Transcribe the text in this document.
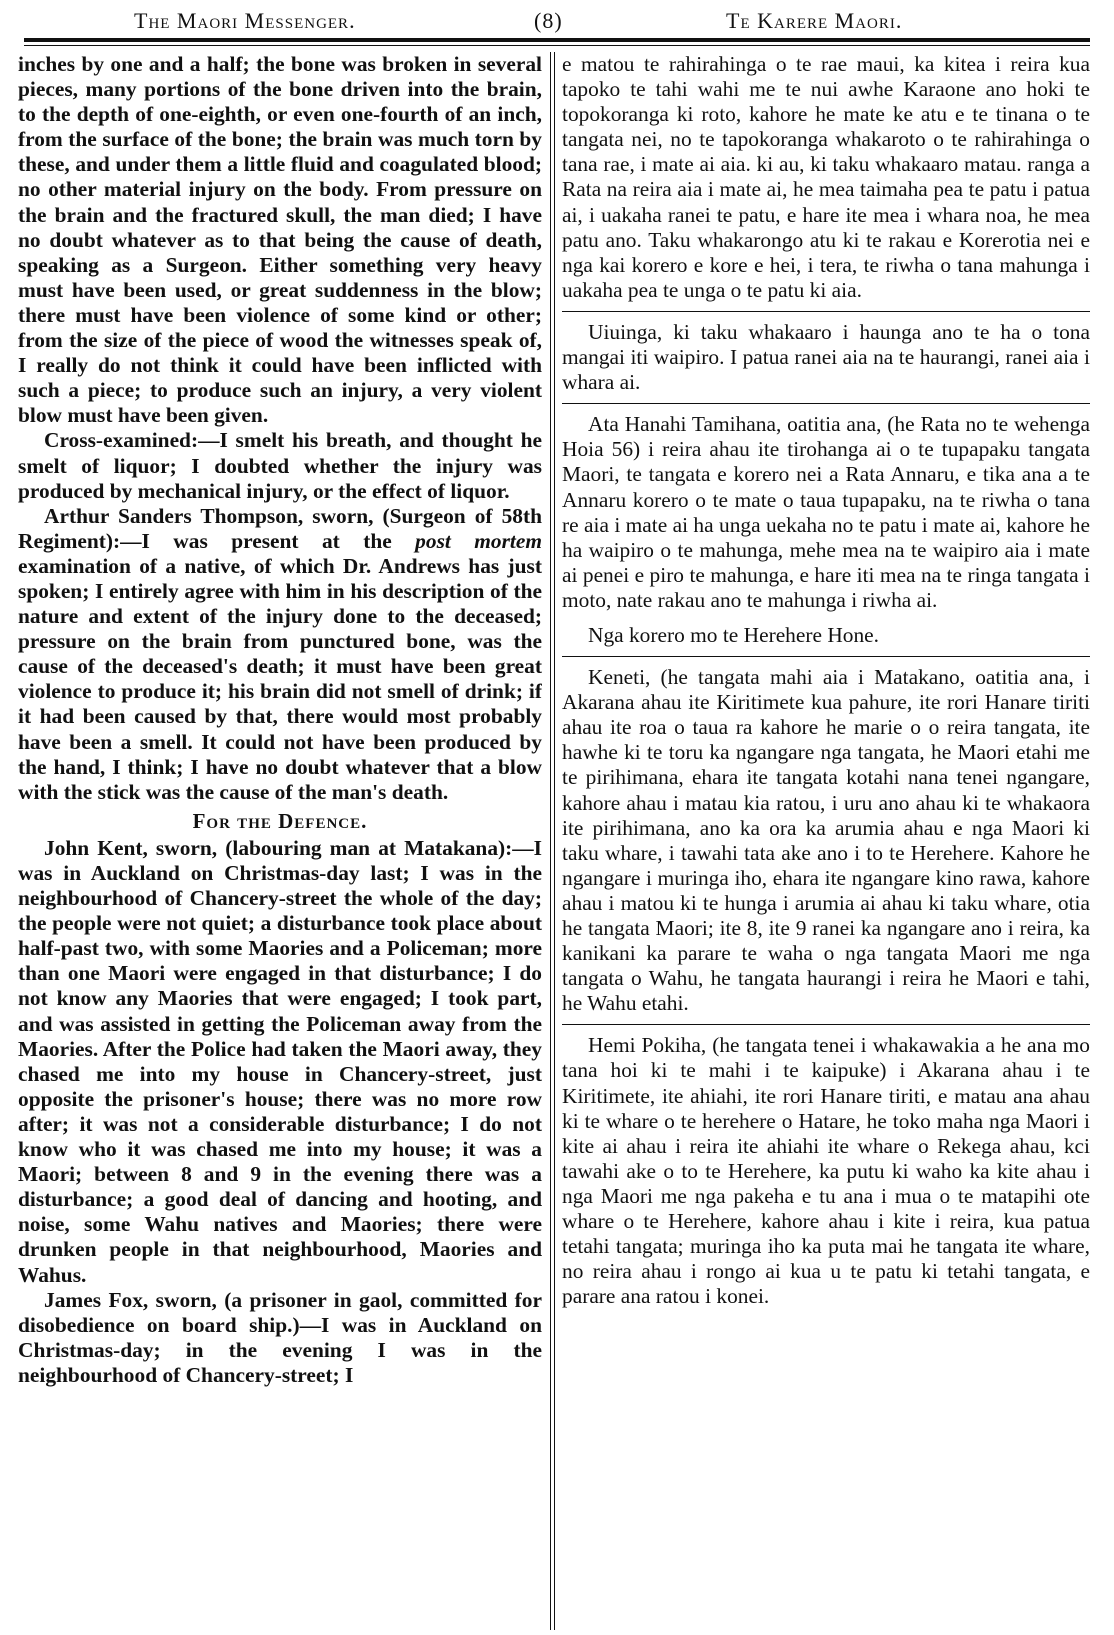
The Maori Messenger.	(8)	Te Karere Maori.

inches by one and a half; the bone was broken in several pieces, many portions of the bone driven into the brain, to the depth of one-eighth, or even one-fourth of an inch, from the surface of the bone; the brain was much torn by these, and under them a little fluid and coagulated blood; no other material injury on the body. From pressure on the brain and the fractured skull, the man died; I have no doubt whatever as to that being the cause of death, speaking as a Surgeon. Either something very heavy must have been used, or great suddenness in the blow; there must have been violence of some kind or other; from the size of the piece of wood the witnesses speak of, I really do not think it could have been inflicted with such a piece; to produce such an injury, a very violent blow must have been given.

Cross-examined:—I smelt his breath, and thought he smelt of liquor; I doubted whether the injury was produced by mechanical injury, or the effect of liquor.

Arthur Sanders Thompson, sworn, (Surgeon of 58th Regiment):—I was present at the post mortem examination of a native, of which Dr. Andrews has just spoken; I entirely agree with him in his description of the nature and extent of the injury done to the deceased; pressure on the brain from punctured bone, was the cause of the deceased's death; it must have been great violence to produce it; his brain did not smell of drink; if it had been caused by that, there would most probably have been a smell. It could not have been produced by the hand, I think; I have no doubt whatever that a blow with the stick was the cause of the man's death.

For the Defence.

John Kent, sworn, (labouring man at Matakana):—I was in Auckland on Christmas-day last; I was in the neighbourhood of Chancery-street the whole of the day; the people were not quiet; a disturbance took place about half-past two, with some Maories and a Policeman; more than one Maori were engaged in that disturbance; I do not know any Maories that were engaged; I took part, and was assisted in getting the Policeman away from the Maories. After the Police had taken the Maori away, they chased me into my house in Chancery-street, just opposite the prisoner's house; there was no more row after; it was not a considerable disturbance; I do not know who it was chased me into my house; it was a Maori; between 8 and 9 in the evening there was a disturbance; a good deal of dancing and hooting, and noise, some Wahu natives and Maories; there were drunken people in that neighbourhood, Maories and Wahus.

James Fox, sworn, (a prisoner in gaol, committed for disobedience on board ship.)—I was in Auckland on Christmas-day; in the evening I was in the neighbourhood of Chancery-street; I

e matou te rahirahinga o te rae maui, ka kitea i reira kua tapoko te tahi wahi me te nui awhe Karaone ano hoki te topokoranga ki roto, kahore he mate ke atu e te tinana o te tangata nei, no te tapokoranga whakaroto o te rahirahinga o tana rae, i mate ai aia. ki au, ki taku whakaaro matau. ranga a Rata na reira aia i mate ai, he mea taimaha pea te patu i patua ai, i uakaha ranei te patu, e hare ite mea i whara noa, he mea patu ano. Taku whakarongo atu ki te rakau e Korerotia nei e nga kai korero e kore e hei, i tera, te riwha o tana mahunga i uakaha pea te unga o te patu ki aia.

Uiuinga, ki taku whakaaro i haunga ano te ha o tona mangai iti waipiro. I patua ranei aia na te haurangi, ranei aia i whara ai.

Ata Hanahi Tamihana, oatitia ana, (he Rata no te wehenga Hoia 56) i reira ahau ite tirohanga ai o te tupapaku tangata Maori, te tangata e korero nei a Rata Annaru, e tika ana a te Annaru korero o te mate o taua tupapaku, na te riwha o tana re aia i mate ai ha unga uekaha no te patu i mate ai, kahore he ha waipiro o te mahunga, mehe mea na te waipiro aia i mate ai penei e piro te mahunga, e hare iti mea na te ringa tangata i moto, nate rakau ano te mahunga i riwha ai.

Nga korero mo te Herehere Hone.

Keneti, (he tangata mahi aia i Matakano, oatitia ana, i Akarana ahau ite Kiritimete kua pahure, ite rori Hanare tiriti ahau ite roa o taua ra kahore he marie o o reira tangata, ite hawhe ki te toru ka ngangare nga tangata, he Maori etahi me te pirihimana, ehara ite tangata kotahi nana tenei ngangare, kahore ahau i matau kia ratou, i uru ano ahau ki te whakaora ite pirihimana, ano ka ora ka arumia ahau e nga Maori ki taku whare, i tawahi tata ake ano i to te Herehere. Kahore he ngangare i muringa iho, ehara ite ngangare kino rawa, kahore ahau i matou ki te hunga i arumia ai ahau ki taku whare, otia he tangata Maori; ite 8, ite 9 ranei ka ngangare ano i reira, ka kanikani ka parare te waha o nga tangata Maori me nga tangata o Wahu, he tangata haurangi i reira he Maori e tahi, he Wahu etahi.

Hemi Pokiha, (he tangata tenei i whakawakia a he ana mo tana hoi ki te mahi i te kaipuke) i Akarana ahau i te Kiritimete, ite ahiahi, ite rori Hanare tiriti, e matau ana ahau ki te whare o te herehere o Hatare, he toko maha nga Maori i kite ai ahau i reira ite ahiahi ite whare o Rekega ahau, kci tawahi ake o to te Herehere, ka putu ki waho ka kite ahau i nga Maori me nga pakeha e tu ana i mua o te matapihi ote whare o te Herehere, kahore ahau i kite i reira, kua patua tetahi tangata; muringa iho ka puta mai he tangata ite whare, no reira ahau i rongo ai kua u te patu ki tetahi tangata, e parare ana ratou i konei.
